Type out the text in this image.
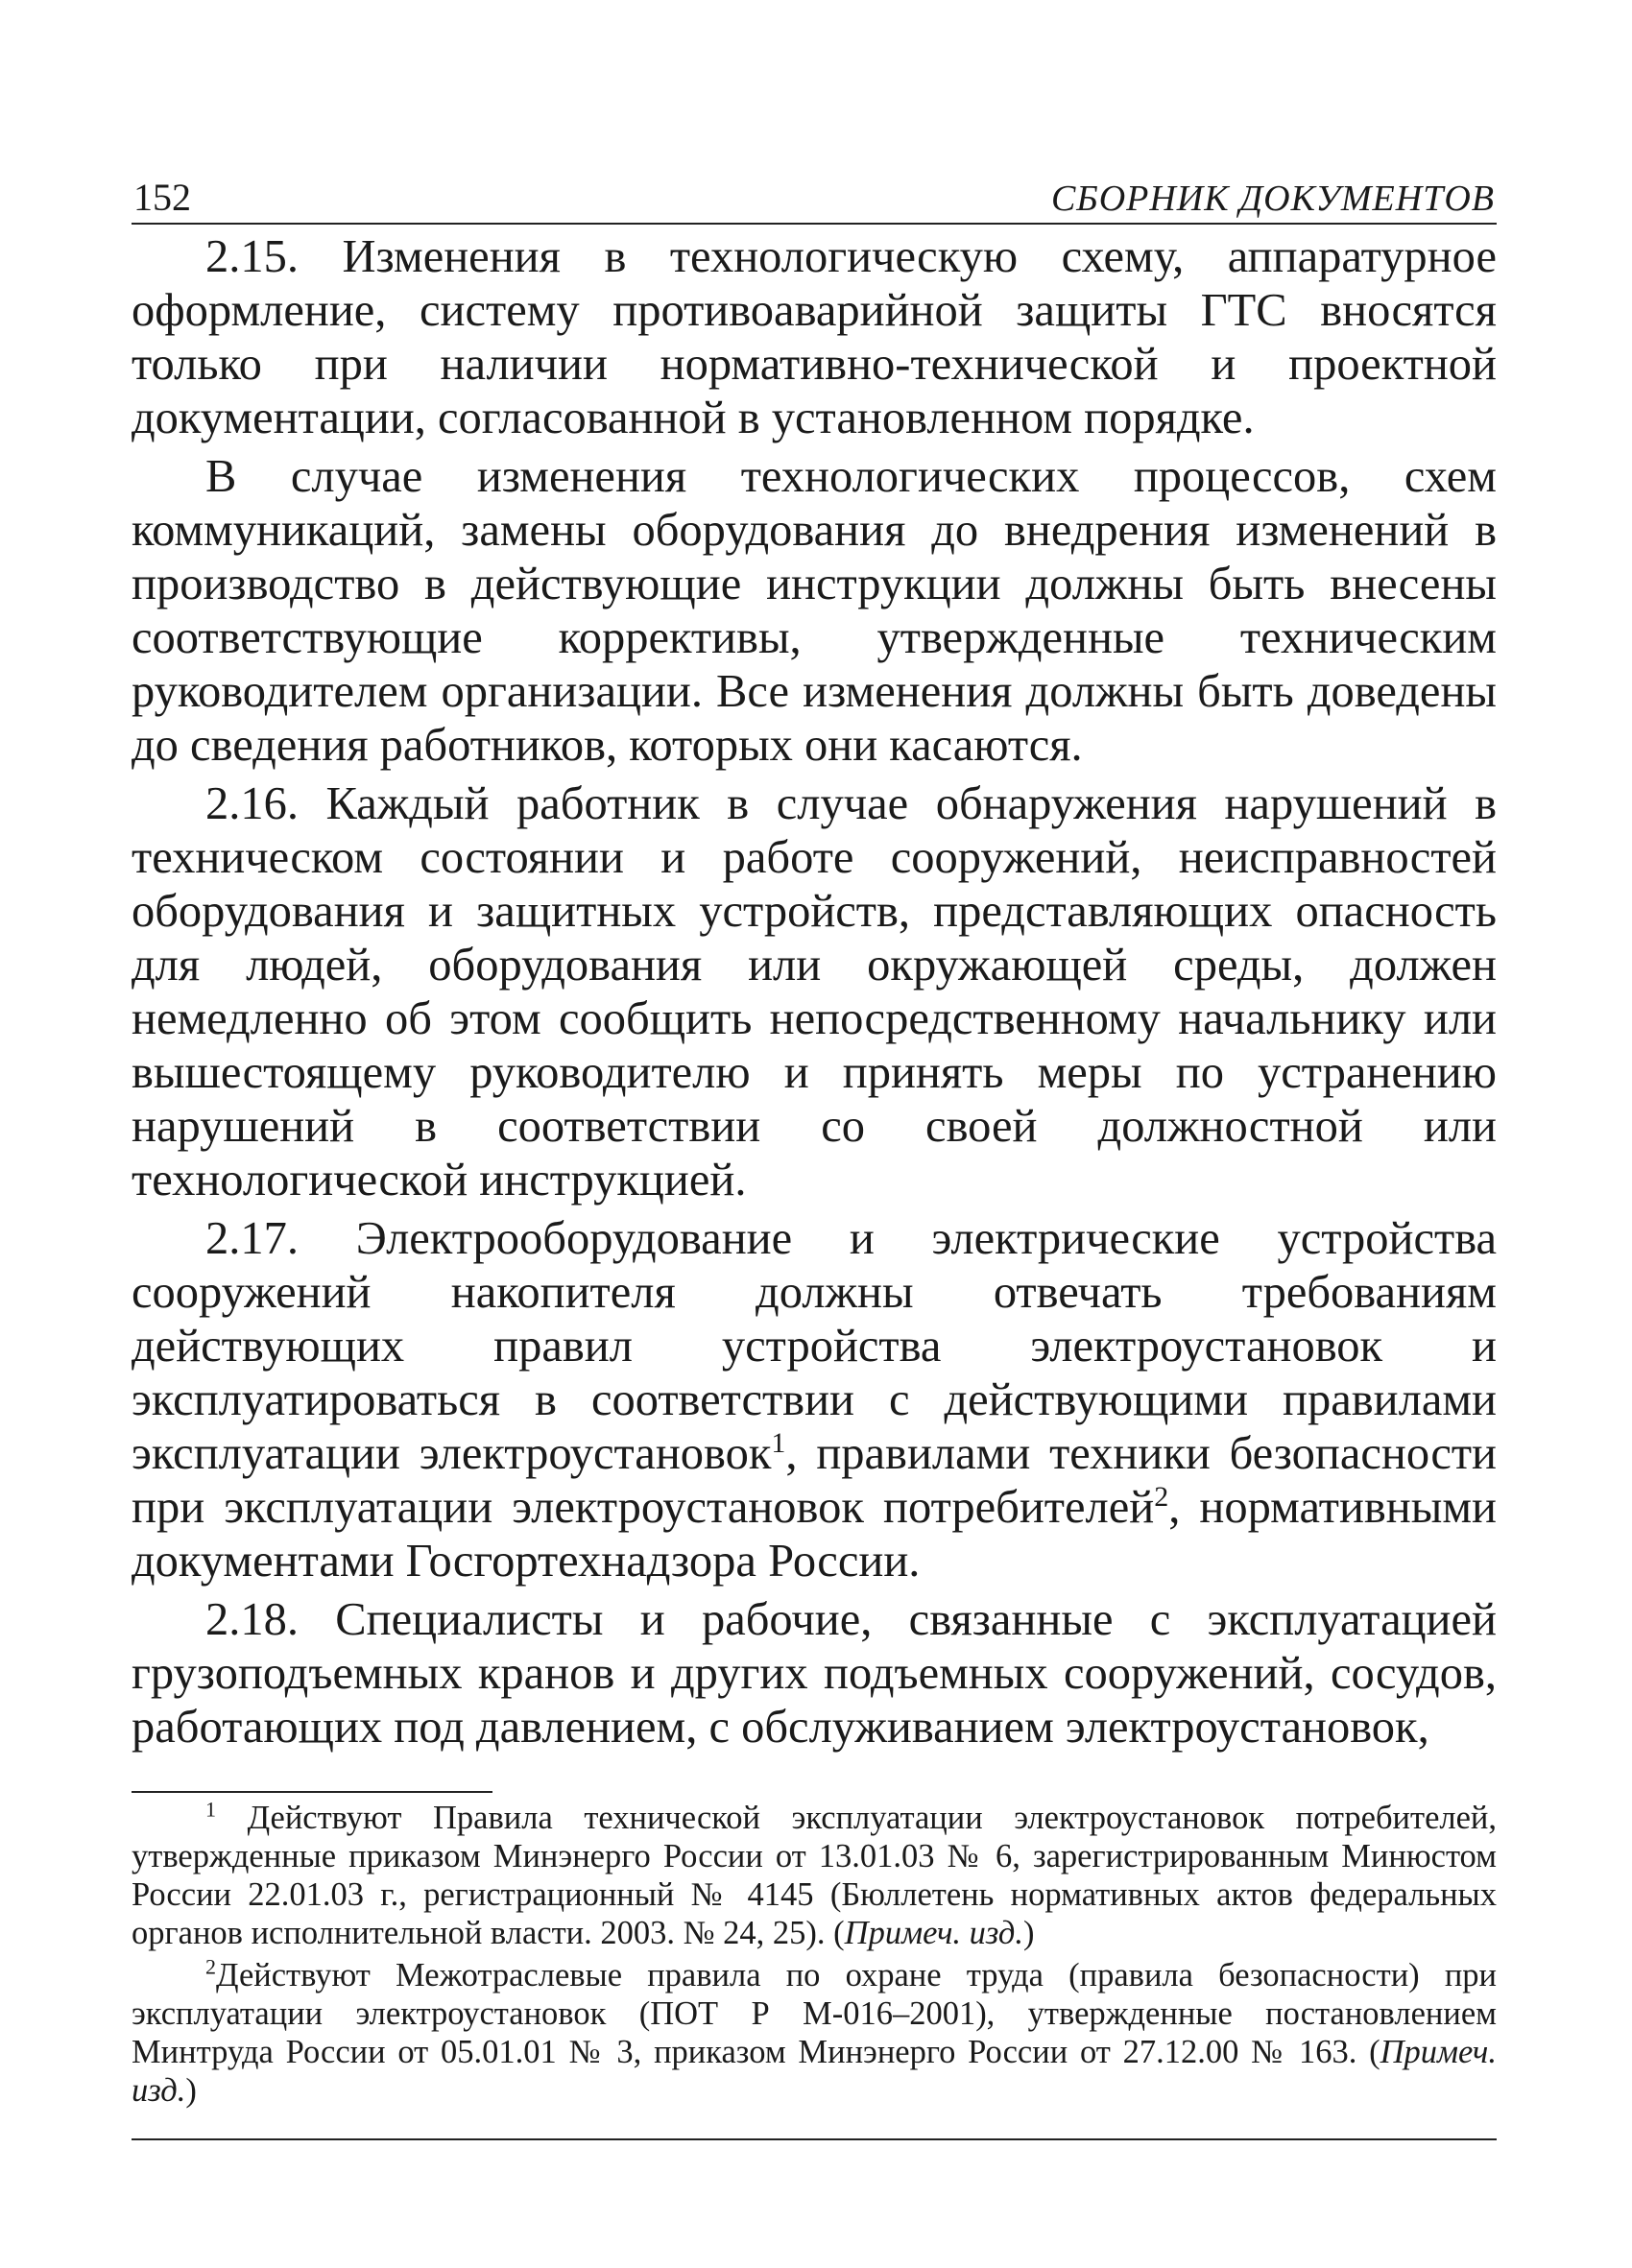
152	СБОРНИК ДОКУМЕНТОВ

2.15. Изменения в технологическую схему, аппаратурное оформление, систему противоаварийной защиты ГТС вносятся только при наличии нормативно-технической и проектной документации, согласованной в установленном порядке.

В случае изменения технологических процессов, схем коммуникаций, замены оборудования до внедрения изменений в производство в действующие инструкции должны быть внесены соответствующие коррективы, утвержденные техническим руководителем организации. Все изменения должны быть доведены до сведения работников, которых они касаются.

2.16. Каждый работник в случае обнаружения нарушений в техническом состоянии и работе сооружений, неисправностей оборудования и защитных устройств, представляющих опасность для людей, оборудования или окружающей среды, должен немедленно об этом сообщить непосредственному начальнику или вышестоящему руководителю и принять меры по устранению нарушений в соответствии со своей должностной или технологической инструкцией.

2.17. Электрооборудование и электрические устройства сооружений накопителя должны отвечать требованиям действующих правил устройства электроустановок и эксплуатироваться в соответствии с действующими правилами эксплуатации электроустановок$^1$, правилами техники безопасности при эксплуатации электроустановок потребителей$^2$, нормативными документами Госгортехнадзора России.

2.18. Специалисты и рабочие, связанные с эксплуатацией грузоподъемных кранов и других подъемных сооружений, сосудов, работающих под давлением, с обслуживанием электроустановок,

$^1$ Действуют Правила технической эксплуатации электроустановок потребителей, утвержденные приказом Минэнерго России от 13.01.03 № 6, зарегистрированным Минюстом России 22.01.03 г., регистрационный № 4145 (Бюллетень нормативных актов федеральных органов исполнительной власти. 2003. № 24, 25). (Примеч. изд.)

$^2$Действуют Межотраслевые правила по охране труда (правила безопасности) при эксплуатации электроустановок (ПОТ Р М-016–2001), утвержденные постановлением Минтруда России от 05.01.01 № 3, приказом Минэнерго России от 27.12.00 № 163. (Примеч. изд.)
